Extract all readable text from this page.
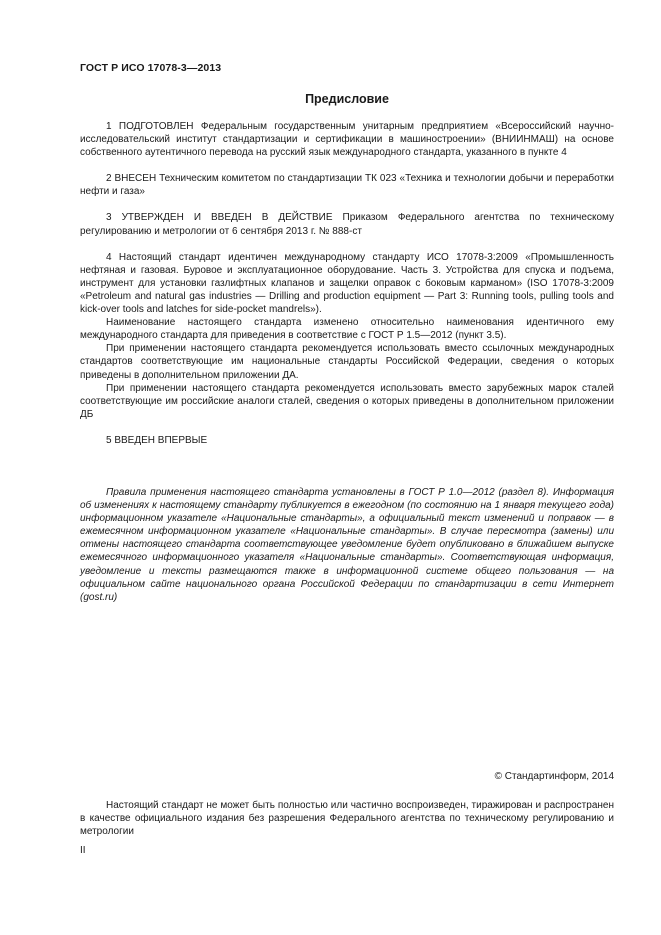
ГОСТ Р ИСО 17078-3—2013
Предисловие

1 ПОДГОТОВЛЕН Федеральным государственным унитарным предприятием «Всероссийский научно-исследовательский институт стандартизации и сертификации в машиностроении» (ВНИИНМАШ) на основе собственного аутентичного перевода на русский язык международного стандарта, указанного в пункте 4

2 ВНЕСЕН Техническим комитетом по стандартизации ТК 023 «Техника и технологии добычи и переработки нефти и газа»

3 УТВЕРЖДЕН И ВВЕДЕН В ДЕЙСТВИЕ Приказом Федерального агентства по техническому регулированию и метрологии от 6 сентября 2013 г. № 888-ст

4 Настоящий стандарт идентичен международному стандарту ИСО 17078-3:2009 «Промышленность нефтяная и газовая. Буровое и эксплуатационное оборудование. Часть 3. Устройства для спуска и подъема, инструмент для установки газлифтных клапанов и защелки оправок с боковым карманом» (ISO 17078-3:2009 «Petroleum and natural gas industries — Drilling and production equipment — Part 3: Running tools, pulling tools and kick-over tools and latches for side-pocket mandrels»).

Наименование настоящего стандарта изменено относительно наименования идентичного ему международного стандарта для приведения в соответствие с ГОСТ Р 1.5—2012 (пункт 3.5).

При применении настоящего стандарта рекомендуется использовать вместо ссылочных международных стандартов соответствующие им национальные стандарты Российской Федерации, сведения о которых приведены в дополнительном приложении ДА.

При применении настоящего стандарта рекомендуется использовать вместо зарубежных марок сталей соответствующие им российские аналоги сталей, сведения о которых приведены в дополнительном приложении ДБ

5 ВВЕДЕН ВПЕРВЫЕ

Правила применения настоящего стандарта установлены в ГОСТ Р 1.0—2012 (раздел 8). Информация об изменениях к настоящему стандарту публикуется в ежегодном (по состоянию на 1 января текущего года) информационном указателе «Национальные стандарты», а официальный текст изменений и поправок — в ежемесячном информационном указателе «Национальные стандарты». В случае пересмотра (замены) или отмены настоящего стандарта соответствующее уведомление будет опубликовано в ближайшем выпуске ежемесячного информационного указателя «Национальные стандарты». Соответствующая информация, уведомление и тексты размещаются также в информационной системе общего пользования — на официальном сайте национального органа Российской Федерации по стандартизации в сети Интернет (gost.ru)

© Стандартинформ, 2014
Настоящий стандарт не может быть полностью или частично воспроизведен, тиражирован и распространен в качестве официального издания без разрешения Федерального агентства по техническому регулированию и метрологии
II
